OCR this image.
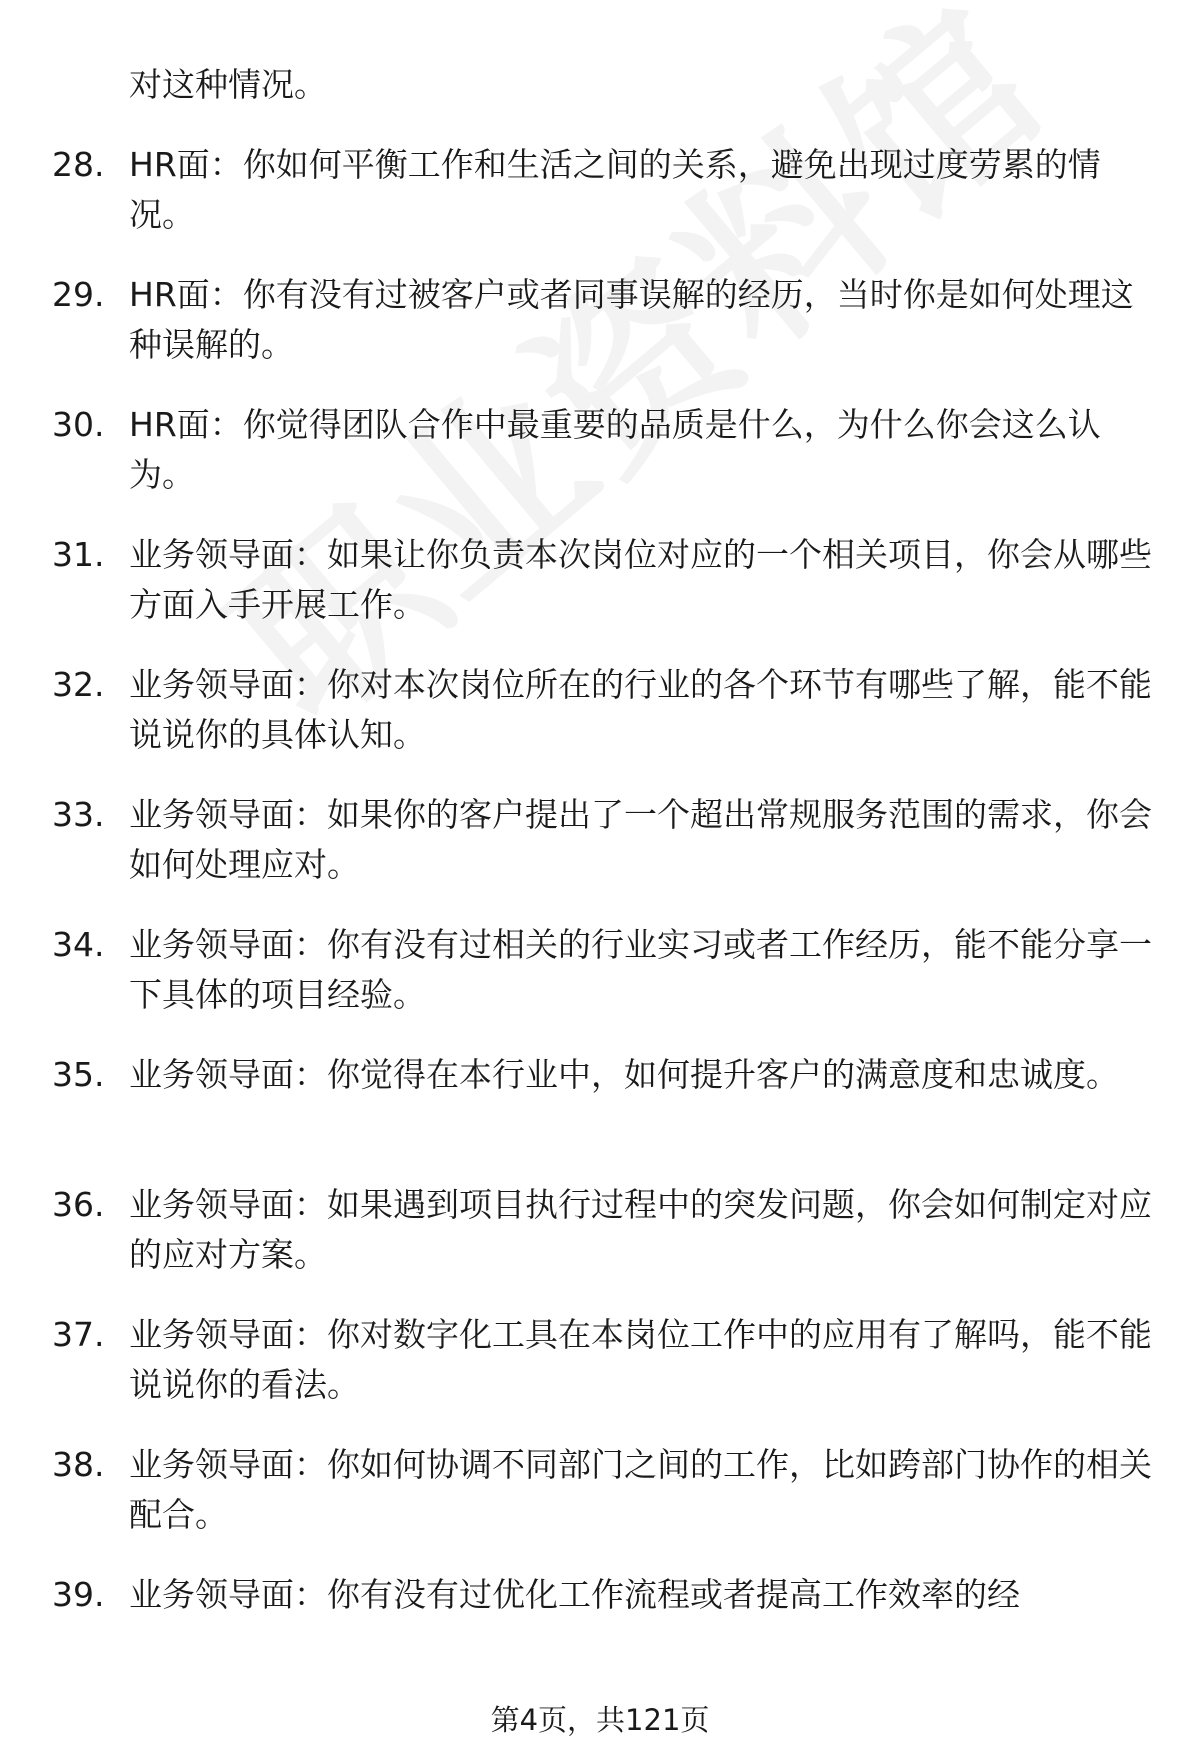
对这种情况。

28. HR面：你如何平衡工作和生活之间的关系，避免出现过度劳累的情况。

29. HR面：你有没有过被客户或者同事误解的经历，当时你是如何处理这种误解的。

30. HR面：你觉得团队合作中最重要的品质是什么，为什么你会这么认为。

31. 业务领导面：如果让你负责本次岗位对应的一个相关项目，你会从哪些方面入手开展工作。

32. 业务领导面：你对本次岗位所在的行业的各个环节有哪些了解，能不能说说你的具体认知。

33. 业务领导面：如果你的客户提出了一个超出常规服务范围的需求，你会如何处理应对。

34. 业务领导面：你有没有过相关的行业实习或者工作经历，能不能分享一下具体的项目经验。

35. 业务领导面：你觉得在本行业中，如何提升客户的满意度和忠诚度。

36. 业务领导面：如果遇到项目执行过程中的突发问题，你会如何制定对应的应对方案。

37. 业务领导面：你对数字化工具在本岗位工作中的应用有了解吗，能不能说说你的看法。

38. 业务领导面：你如何协调不同部门之间的工作，比如跨部门协作的相关配合。

39. 业务领导面：你有没有过优化工作流程或者提高工作效率的经

第4页，共121页
